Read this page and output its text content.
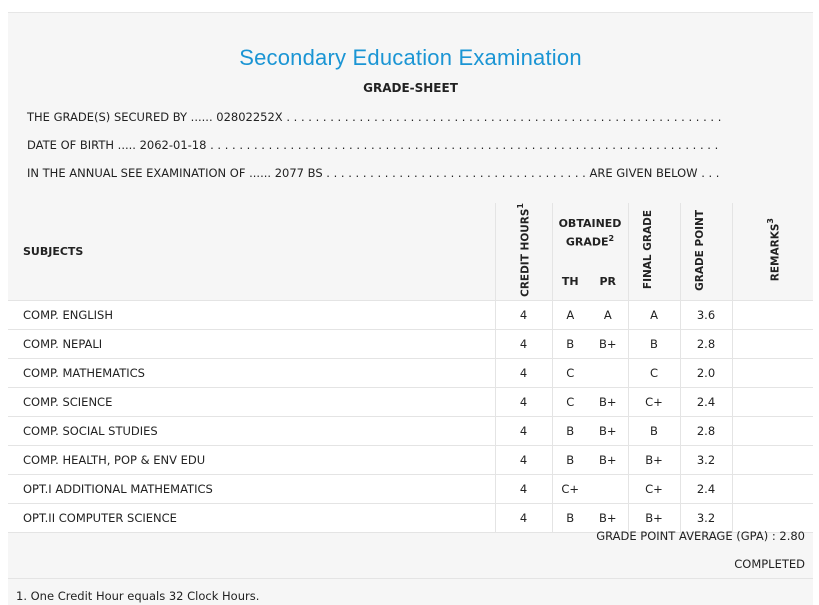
Secondary Education Examination
GRADE-SHEET
THE GRADE(S) SECURED BY ...... 02802252X . . . . . . . . . . . . . . . . . . . . . . . . . . . . . . . . . . . . . . . . . . . . . . . . . . . . . . . . . . . .
DATE OF BIRTH ..... 2062-01-18 . . . . . . . . . . . . . . . . . . . . . . . . . . . . . . . . . . . . . . . . . . . . . . . . . . . . . . . . . . . . . . . . . . . . . .
IN THE ANNUAL SEE EXAMINATION OF ...... 2077 BS . . . . . . . . . . . . . . . . . . . . . . . . . . . . . . . . . . . . ARE GIVEN BELOW . . .
SUBJECTS	CREDIT HOURS$^1$	OBTAINED GRADE$^2$		FINAL GRADE	GRADE POINT	REMARKS$^3$
		TH	PR			
COMP. ENGLISH	4	A	A	A	3.6	
COMP. NEPALI	4	B	B+	B	2.8	
COMP. MATHEMATICS	4	C		C	2.0	
COMP. SCIENCE	4	C	B+	C+	2.4	
COMP. SOCIAL STUDIES	4	B	B+	B	2.8	
COMP. HEALTH, POP & ENV EDU	4	B	B+	B+	3.2	
OPT.I ADDITIONAL MATHEMATICS	4	C+		C+	2.4	
OPT.II COMPUTER SCIENCE	4	B	B+	B+	3.2	
GRADE POINT AVERAGE (GPA) : 2.80
COMPLETED
1. One Credit Hour equals 32 Clock Hours.
